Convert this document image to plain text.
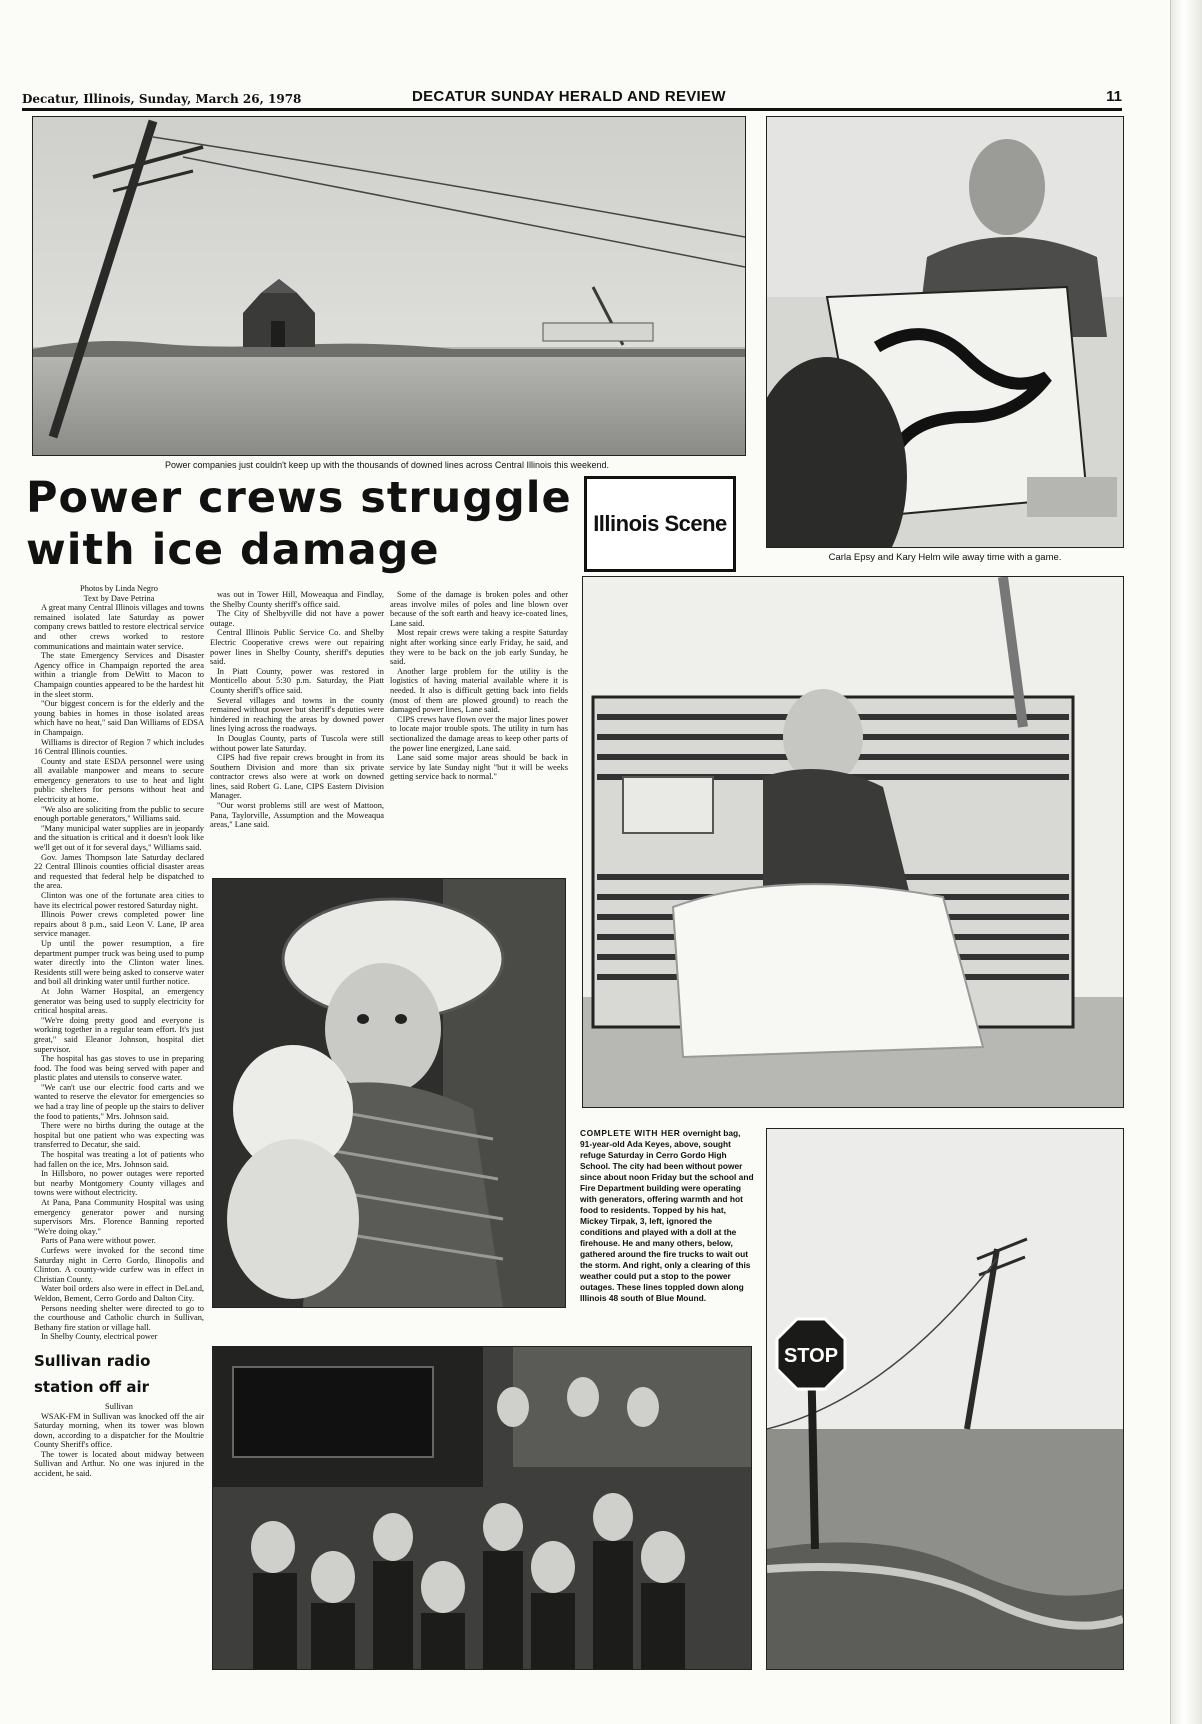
Decatur, Illinois, Sunday, March 26, 1978	DECATUR SUNDAY HERALD AND REVIEW	11
Power companies just couldn't keep up with the thousands of downed lines across Central Illinois this weekend.
Carla Epsy and Kary Helm wile away time with a game.
Power crews struggle with ice damage
Illinois Scene

Photos by Linda Negro

Text by Dave Petrina

A great many Central Illinois villages and towns remained isolated late Saturday as power company crews battled to restore electrical service and other crews worked to restore communications and maintain water service.

The state Emergency Services and Disaster Agency office in Champaign reported the area within a triangle from DeWitt to Macon to Champaign counties appeared to be the hardest hit in the sleet storm.

"Our biggest concern is for the elderly and the young babies in homes in those isolated areas which have no heat," said Dan Williams of EDSA in Champaign.

Williams is director of Region 7 which includes 16 Central Illinois counties.

County and state ESDA personnel were using all available manpower and means to secure emergency generators to use to heat and light public shelters for persons without heat and electricity at home.

"We also are soliciting from the public to secure enough portable generators," Williams said.

"Many municipal water supplies are in jeopardy and the situation is critical and it doesn't look like we'll get out of it for several days," Williams said.

Gov. James Thompson late Saturday declared 22 Central Illinois counties official disaster areas and requested that federal help be dispatched to the area.

Clinton was one of the fortunate area cities to have its electrical power restored Saturday night.

Illinois Power crews completed power line repairs about 8 p.m., said Leon V. Lane, IP area service manager.

Up until the power resumption, a fire department pumper truck was being used to pump water directly into the Clinton water lines. Residents still were being asked to conserve water and boil all drinking water until further notice.

At John Warner Hospital, an emergency generator was being used to supply electricity for critical hospital areas.

"We're doing pretty good and everyone is working together in a regular team effort. It's just great," said Eleanor Johnson, hospital diet supervisor.

The hospital has gas stoves to use in preparing food. The food was being served with paper and plastic plates and utensils to conserve water.

"We can't use our electric food carts and we wanted to reserve the elevator for emergencies so we had a tray line of people up the stairs to deliver the food to patients," Mrs. Johnson said.

There were no births during the outage at the hospital but one patient who was expecting was transferred to Decatur, she said.

The hospital was treating a lot of patients who had fallen on the ice, Mrs. Johnson said.

In Hillsboro, no power outages were reported but nearby Montgomery County villages and towns were without electricity.

At Pana, Pana Community Hospital was using emergency generator power and nursing supervisors Mrs. Florence Banning reported "We're doing okay."

Parts of Pana were without power.

Curfews were invoked for the second time Saturday night in Cerro Gordo, Ilinopolis and Clinton. A county-wide curfew was in effect in Christian County.

Water boil orders also were in effect in DeLand, Weldon, Bement, Cerro Gordo and Dalton City.

Persons needing shelter were directed to go to the courthouse and Catholic church in Sullivan, Bethany fire station or village hall.

In Shelby County, electrical power

Sullivan radio station off air

Sullivan

WSAK-FM in Sullivan was knocked off the air Saturday morning, when its tower was blown down, according to a dispatcher for the Moultrie County Sheriff's office.

The tower is located about midway between Sullivan and Arthur. No one was injured in the accident, he said.

was out in Tower Hill, Moweaqua and Findlay, the Shelby County sheriff's office said.

The City of Shelbyville did not have a power outage.

Central Illinois Public Service Co. and Shelby Electric Cooperative crews were out repairing power lines in Shelby County, sheriff's deputies said.

In Piatt County, power was restored in Monticello about 5:30 p.m. Saturday, the Piatt County sheriff's office said.

Several villages and towns in the county remained without power but sheriff's deputies were hindered in reaching the areas by downed power lines lying across the roadways.

In Douglas County, parts of Tuscola were still without power late Saturday.

CIPS had five repair crews brought in from its Southern Division and more than six private contractor crews also were at work on downed lines, said Robert G. Lane, CIPS Eastern Division Manager.

"Our worst problems still are west of Mattoon, Pana, Taylorville, Assumption and the Moweaqua areas," Lane said.

Some of the damage is broken poles and other areas involve miles of poles and line blown over because of the soft earth and heavy ice-coated lines, Lane said.

Most repair crews were taking a respite Saturday night after working since early Friday, he said, and they were to be back on the job early Sunday, he said.

Another large problem for the utility is the logistics of having material available where it is needed. It also is difficult getting back into fields (most of them are plowed ground) to reach the damaged power lines, Lane said.

CIPS crews have flown over the major lines power to locate major trouble spots. The utility in turn has sectionalized the damage areas to keep other parts of the power line energized, Lane said.

Lane said some major areas should be back in service by late Sunday night "but it will be weeks getting service back to normal."

COMPLETE WITH HER overnight bag, 91-year-old Ada Keyes, above, sought refuge Saturday in Cerro Gordo High School. The city had been without power since about noon Friday but the school and Fire Department building were operating with generators, offering warmth and hot food to residents. Topped by his hat, Mickey Tirpak, 3, left, ignored the conditions and played with a doll at the firehouse. He and many others, below, gathered around the fire trucks to wait out the storm. And right, only a clearing of this weather could put a stop to the power outages. These lines toppled down along Illinois 48 south of Blue Mound.
STOP
